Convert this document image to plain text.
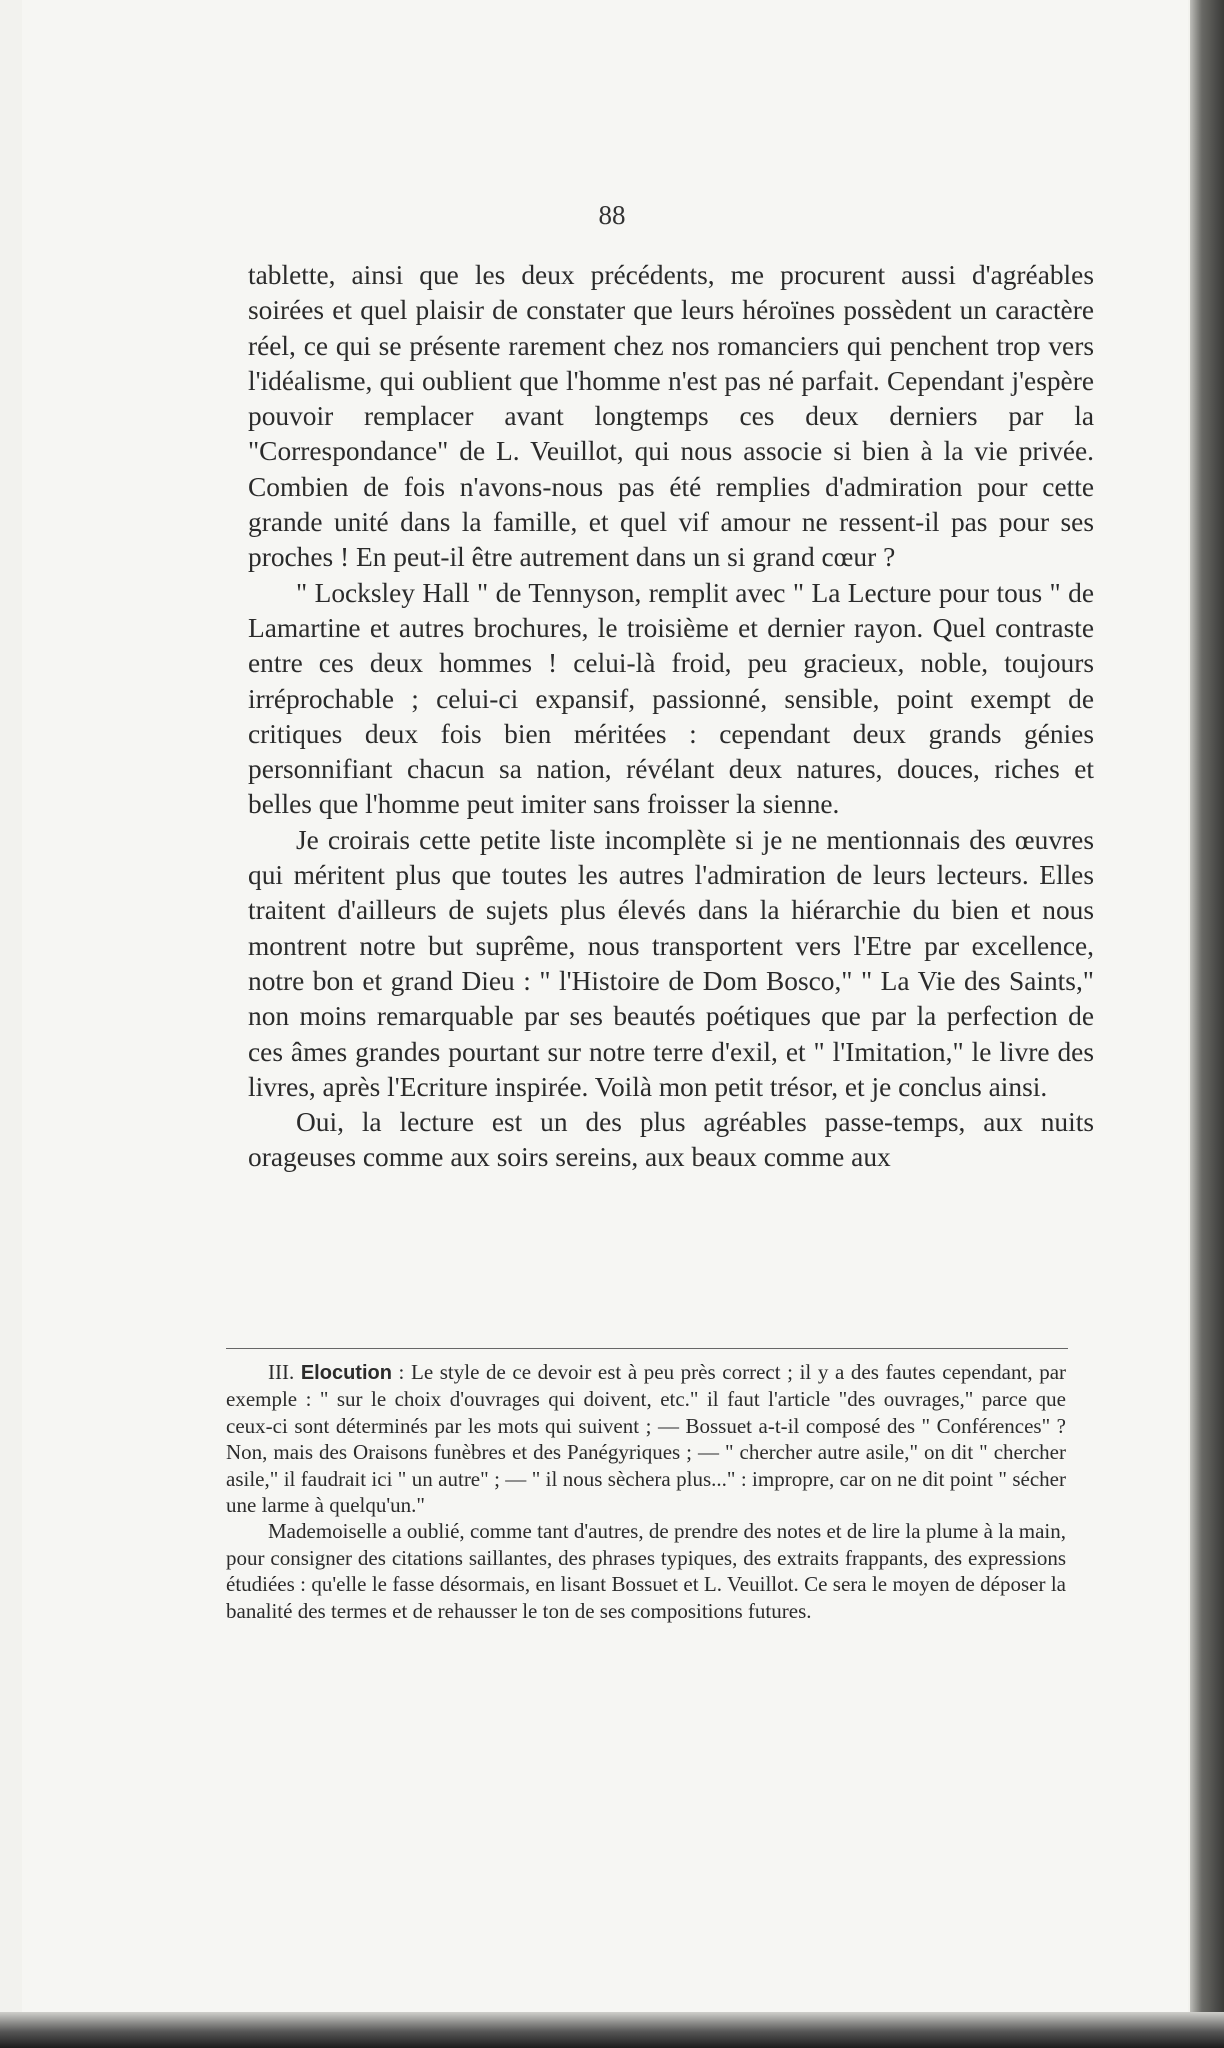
88

tablette, ainsi que les deux précédents, me procurent aussi d'agréables soirées et quel plaisir de constater que leurs héroïnes possèdent un caractère réel, ce qui se présente rarement chez nos romanciers qui penchent trop vers l'idéalisme, qui oublient que l'homme n'est pas né parfait. Cependant j'espère pouvoir remplacer avant longtemps ces deux derniers par la "Correspondance" de L. Veuillot, qui nous associe si bien à la vie privée. Combien de fois n'avons-nous pas été remplies d'admiration pour cette grande unité dans la famille, et quel vif amour ne ressent-il pas pour ses proches ! En peut-il être autrement dans un si grand cœur ?

" Locksley Hall " de Tennyson, remplit avec " La Lecture pour tous " de Lamartine et autres brochures, le troisième et dernier rayon. Quel contraste entre ces deux hommes ! celui-là froid, peu gracieux, noble, toujours irréprochable ; celui-ci expansif, passionné, sensible, point exempt de critiques deux fois bien méritées : cependant deux grands génies personnifiant chacun sa nation, révélant deux natures, douces, riches et belles que l'homme peut imiter sans froisser la sienne.

Je croirais cette petite liste incomplète si je ne mentionnais des œuvres qui méritent plus que toutes les autres l'admiration de leurs lecteurs. Elles traitent d'ailleurs de sujets plus élevés dans la hiérarchie du bien et nous montrent notre but suprême, nous transportent vers l'Etre par excellence, notre bon et grand Dieu : " l'Histoire de Dom Bosco," " La Vie des Saints," non moins remarquable par ses beautés poétiques que par la perfection de ces âmes grandes pourtant sur notre terre d'exil, et " l'Imitation," le livre des livres, après l'Ecriture inspirée. Voilà mon petit trésor, et je conclus ainsi.

Oui, la lecture est un des plus agréables passe-temps, aux nuits orageuses comme aux soirs sereins, aux beaux comme aux

III. Elocution : Le style de ce devoir est à peu près correct ; il y a des fautes cependant, par exemple : " sur le choix d'ouvrages qui doivent, etc." il faut l'article "des ouvrages," parce que ceux-ci sont déterminés par les mots qui suivent ; — Bossuet a-t-il composé des " Conférences" ? Non, mais des Oraisons funèbres et des Panégyriques ; — " chercher autre asile," on dit " chercher asile," il faudrait ici " un autre" ; — " il nous sèchera plus..." : impropre, car on ne dit point " sécher une larme à quelqu'un."

Mademoiselle a oublié, comme tant d'autres, de prendre des notes et de lire la plume à la main, pour consigner des citations saillantes, des phrases typiques, des extraits frappants, des expressions étudiées : qu'elle le fasse désormais, en lisant Bossuet et L. Veuillot. Ce sera le moyen de déposer la banalité des termes et de rehausser le ton de ses compositions futures.
